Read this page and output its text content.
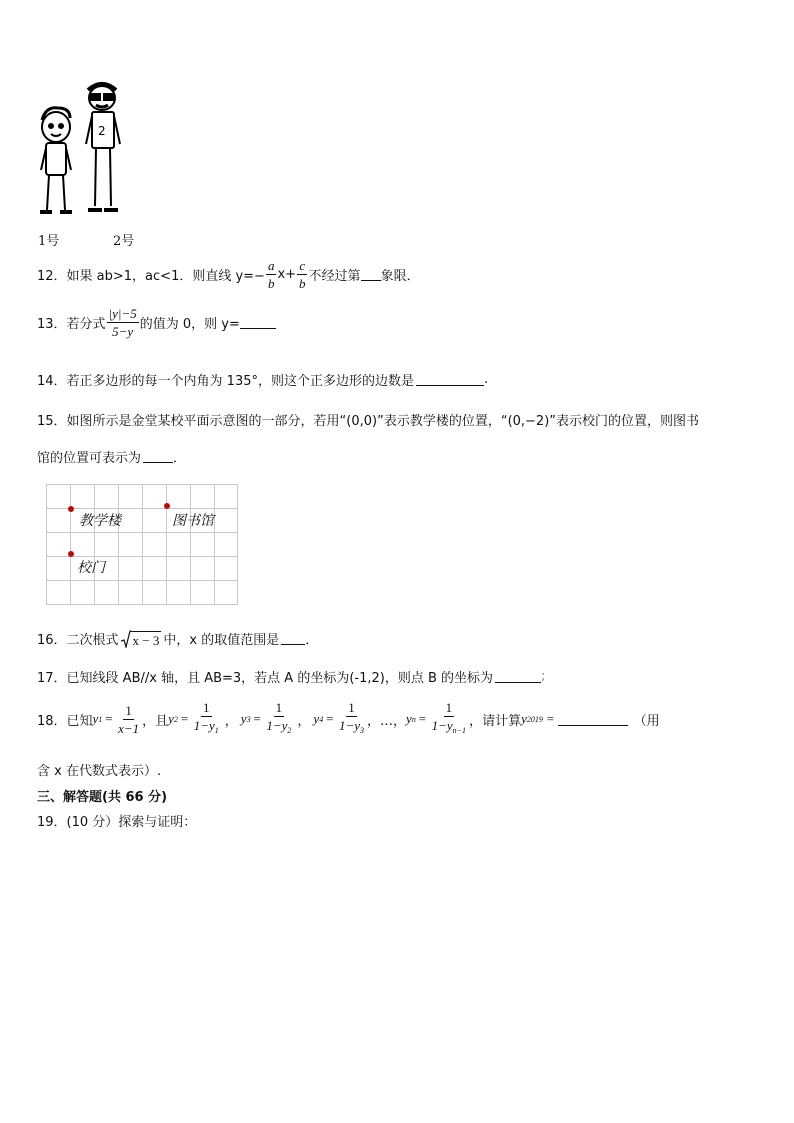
2
1号	2号
12．如果 ab>1，ac<1．则直线 $y=- \frac{a}{b} x+ \frac{c}{b}$ 不经过第 象限．
13．若分式 $\frac{|y|-5}{5-y}$ 的值为 0，则 y=
14．若正多边形的每一个内角为 135°，则这个正多边形的边数是	.
15．如图所示是金堂某校平面示意图的一部分，若用“(0,0)”表示教学楼的位置，“(0,−2)”表示校门的位置，则图书
馆的位置可表示为 ．
教学楼	图书馆
校门
16．二次根式 x − 3 中，x 的取值范围是 ．
17．已知线段 AB//x 轴，且 AB=3，若点 A 的坐标为(-1,2)，则点 B 的坐标为	;
18．已知 y $1 = \frac{1}{x-1}$ ，且 y $2 = \frac{1}{1-y_1}$ ， y $3 = \frac{1}{1-y_2}$ ， y $4 = \frac{1}{1-y_3}$ ，…， y $n = \frac{1}{1-y_{n-1}}$ ，请计算 y 2019 =	（用
含 x 在代数式表示）.
三、解答题(共 66 分)
19．(10 分）探索与证明：
